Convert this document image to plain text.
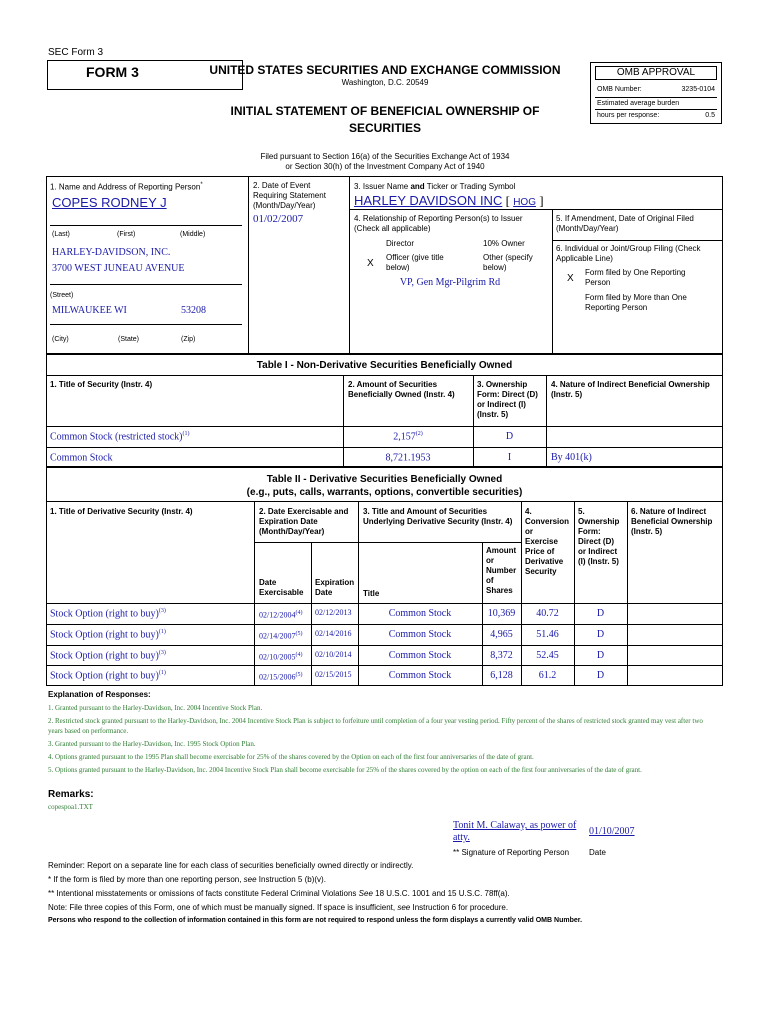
SEC Form 3
FORM 3	UNITED STATES SECURITIES AND EXCHANGE COMMISSION
Washington, D.C. 20549
INITIAL STATEMENT OF BENEFICIAL OWNERSHIP OF
SECURITIES
OMB APPROVAL
OMB Number:	3235-0104
Estimated average burden
hours per response:	0.5
Filed pursuant to Section 16(a) of the Securities Exchange Act of 1934
or Section 30(h) of the Investment Company Act of 1940
1. Name and Address of Reporting Person*
COPES RODNEY J
(Last)	(First)	(Middle)
HARLEY-DAVIDSON, INC.
3700 WEST JUNEAU AVENUE
(Street)
MILWAUKEE WI	53208
(City)	(State)	(Zip)
2. Date of Event
Requiring Statement
(Month/Day/Year)
01/02/2007
3. Issuer Name and Ticker or Trading Symbol
HARLEY DAVIDSON INC [ HOG ]
4. Relationship of Reporting Person(s) to Issuer
(Check all applicable)
Director	10% Owner
X
Officer (give title
below)
Other (specify
below)
VP, Gen Mgr-Pilgrim Rd
5. If Amendment, Date of Original Filed
(Month/Day/Year)
6. Individual or Joint/Group Filing (Check
Applicable Line)
X
Form filed by One Reporting
Person
Form filed by More than One
Reporting Person
Table I - Non-Derivative Securities Beneficially Owned
1. Title of Security (Instr. 4)	2. Amount of Securities
Beneficially Owned (Instr. 4)
3. Ownership
Form: Direct (D)
or Indirect (I)
(Instr. 5)
4. Nature of Indirect Beneficial Ownership
(Instr. 5)
Common Stock (restricted stock)$^{(1)}$	2,157$^{(2)}$	D
Common Stock	8,721.1953	I	By 401(k)
Table II - Derivative Securities Beneficially Owned
(e.g., puts, calls, warrants, options, convertible securities)
1. Title of Derivative Security (Instr. 4)	2. Date Exercisable and
Expiration Date
(Month/Day/Year)
Date
Exercisable
Expiration
Date
3. Title and Amount of Securities
Underlying Derivative Security (Instr. 4)
Title
Amount
or
Number
of
Shares
4.
Conversion
or
Exercise
Price of
Derivative
Security
5.
Ownership
Form:
Direct (D)
or Indirect
(I) (Instr. 5)
6. Nature of Indirect
Beneficial Ownership
(Instr. 5)
Stock Option (right to buy)$^{(3)}$	02/12/2004$^{(4)}$ 02/12/2013	Common Stock	10,369	40.72	D
Stock Option (right to buy)$^{(1)}$	02/14/2007$^{(5)}$ 02/14/2016	Common Stock	4,965	51.46	D
Stock Option (right to buy)$^{(3)}$	02/10/2005$^{(4)}$ 02/10/2014	Common Stock	8,372	52.45	D
Stock Option (right to buy)$^{(1)}$	02/15/2006$^{(5)}$ 02/15/2015	Common Stock	6,128	61.2	D
Explanation of Responses:
1. Granted pursuant to the Harley-Davidson, Inc. 2004 Incentive Stock Plan.
2. Restricted stock granted pursuant to the Harley-Davidson, Inc. 2004 Incentive Stock Plan is subject to forfeiture until completion of a four year vesting period. Fifty percent of the shares of restricted stock granted may vest after two years based on performance.
3. Granted pursuant to the Harley-Davidson, Inc. 1995 Stock Option Plan.
4. Options granted pursuant to the 1995 Plan shall become exercisable for 25% of the shares covered by the Option on each of the first four anniversaries of the date of grant.
5. Options granted pursuant to the Harley-Davidson, Inc. 2004 Incentive Stock Plan shall become exercisable for 25% of the shares covered by the option on each of the first four anniversaries of the date of grant.
Remarks:
copespoa1.TXT
Tonit M. Calaway, as power of
atty.
01/10/2007
** Signature of Reporting Person Date
Reminder: Report on a separate line for each class of securities beneficially owned directly or indirectly.
* If the form is filed by more than one reporting person, see Instruction 5 (b)(v).
** Intentional misstatements or omissions of facts constitute Federal Criminal Violations See 18 U.S.C. 1001 and 15 U.S.C. 78ff(a).
Note: File three copies of this Form, one of which must be manually signed. If space is insufficient, see Instruction 6 for procedure.
Persons who respond to the collection of information contained in this form are not required to respond unless the form displays a currently valid OMB Number.
